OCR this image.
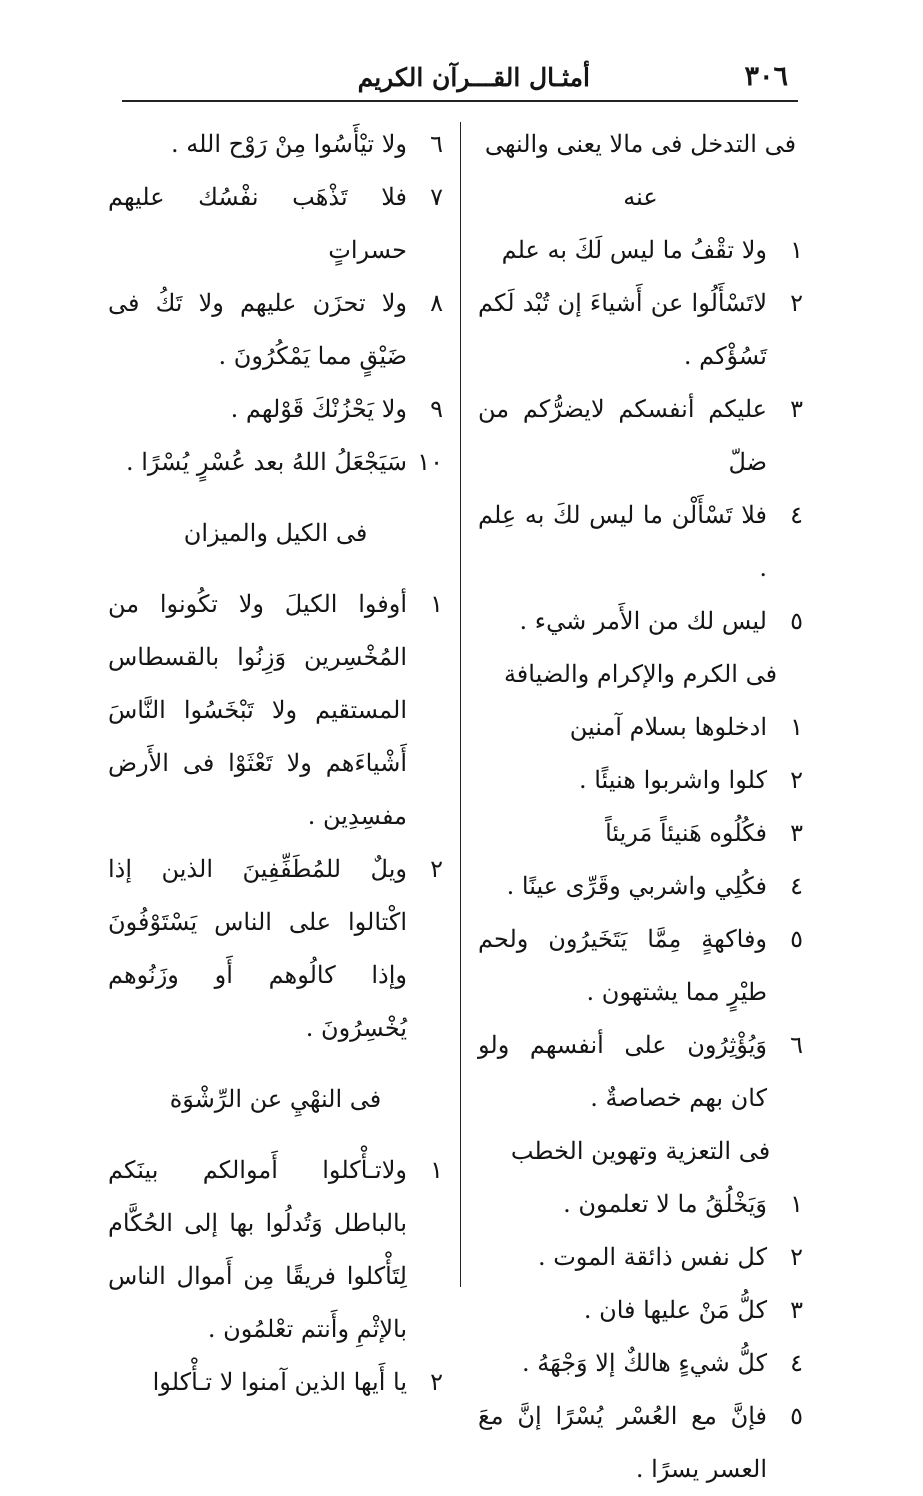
٣٠٦
أمثـال القـــرآن الكريم
فى التدخل فى مالا يعنى والنهى عنه
١
ولا تقْفُ ما ليس لَكَ به علم
٢
لاتَسْأَلُوا عن أَشياءَ إن تُبْد لَكم تَسُؤْكم .
٣
عليكم أنفسكم لايضرُّكم من ضلّ
٤
فلا تَسْأَلْن ما ليس لكَ به عِلم .
٥
ليس لك من الأَمر شيء .
فى الكرم والإكرام والضيافة
١
ادخلوها بسلام آمنين
٢
كلوا واشربوا هنيئًا .
٣
فكُلُوه هَنيئاً مَريئاً
٤
فكُلِي واشربي وقَرِّى عينًا .
٥
وفاكهةٍ مِمَّا يَتَخَيرُون ولحم طيْرٍ مما يشتهون .
٦
وَيُؤْثِرُون على أنفسهم ولو كان بهم خصاصةٌ .
فى التعزية وتهوين الخطب
١
وَيَخْلُقُ ما لا تعلمون .
٢
كل نفس ذائقة الموت .
٣
كلُّ مَنْ عليها فان .
٤
كلُّ شيءٍ هالكٌ إلا وَجْهَهُ .
٥
فإنَّ مع العُسْر يُسْرًا إنَّ معَ العسر يسرًا .
٦
ولا تيْأَسُوا مِنْ رَوْح الله .
٧
فلا تَذْهَب نفْسُك عليهم حسراتٍ
٨
ولا تحزَن عليهم ولا تَكُ فى ضَيْقٍ مما يَمْكُرُونَ .
٩
ولا يَحْزُنْكَ قَوْلهم .
١٠
سَيَجْعَلُ اللهُ بعد عُسْرٍ يُسْرًا .
فى الكيل والميزان
١
أوفوا الكيلَ ولا تكُونوا من المُخْسِرين وَزِنُوا بالقسطاس المستقيم ولا تَبْخَسُوا النَّاسَ أَشْياءَهم ولا تَعْثَوْا فى الأَرض مفسِدِين .
٢
ويلٌ للمُطَفِّفِينَ الذين إذا اكْتالوا على الناس يَسْتَوْفُونَ وإذا كالُوهم أَو وزَنُوهم يُخْسِرُونَ .
فى النهْيِ عن الرِّشْوَة
١
ولاتـأْكلوا أَموالكم بينَكم بالباطل وَتُدلُوا بها إلى الحُكَّام لِتَأْكلوا فريقًا مِن أَموال الناس بالإثْمِ وأَنتم تعْلمُون .
٢
يا أَيها الذين آمنوا لا تـأْكلوا
